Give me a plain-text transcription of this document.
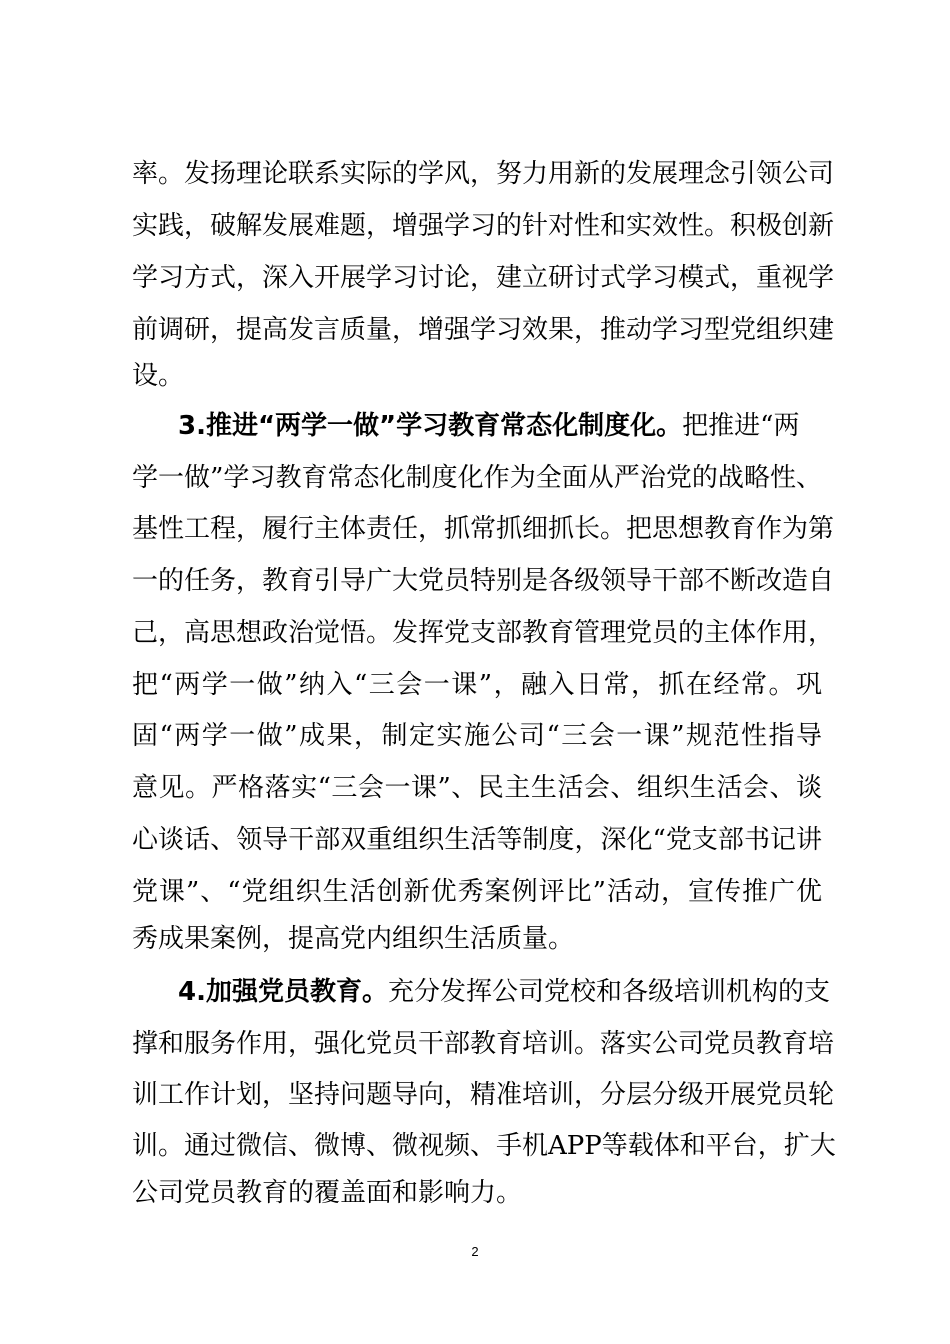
率。发扬理论联系实际的学风，努力用新的发展理念引领公司
实践，破解发展难题，增强学习的针对性和实效性。积极创新
学习方式，深入开展学习讨论，建立研讨式学习模式，重视学
前调研，提高发言质量，增强学习效果，推动学习型党组织建
设。
3.推进“两学一做”学习教育常态化制度化。把推进“两
学一做”学习教育常态化制度化作为全面从严治党的战略性、
基性工程，履行主体责任，抓常抓细抓长。把思想教育作为第
一的任务，教育引导广大党员特别是各级领导干部不断改造自
己，高思想政治觉悟。发挥党支部教育管理党员的主体作用，
把“两学一做”纳入“三会一课”，融入日常，抓在经常。巩
固“两学一做”成果，制定实施公司“三会一课”规范性指导
意见。严格落实“三会一课”、民主生活会、组织生活会、谈
心谈话、领导干部双重组织生活等制度，深化“党支部书记讲
党课”、“党组织生活创新优秀案例评比”活动，宣传推广优
秀成果案例，提高党内组织生活质量。
4.加强党员教育。充分发挥公司党校和各级培训机构的支
撑和服务作用，强化党员干部教育培训。落实公司党员教育培
训工作计划，坚持问题导向，精准培训，分层分级开展党员轮
训。通过微信、微博、微视频、手机APP等载体和平台，扩大
公司党员教育的覆盖面和影响力。
2
